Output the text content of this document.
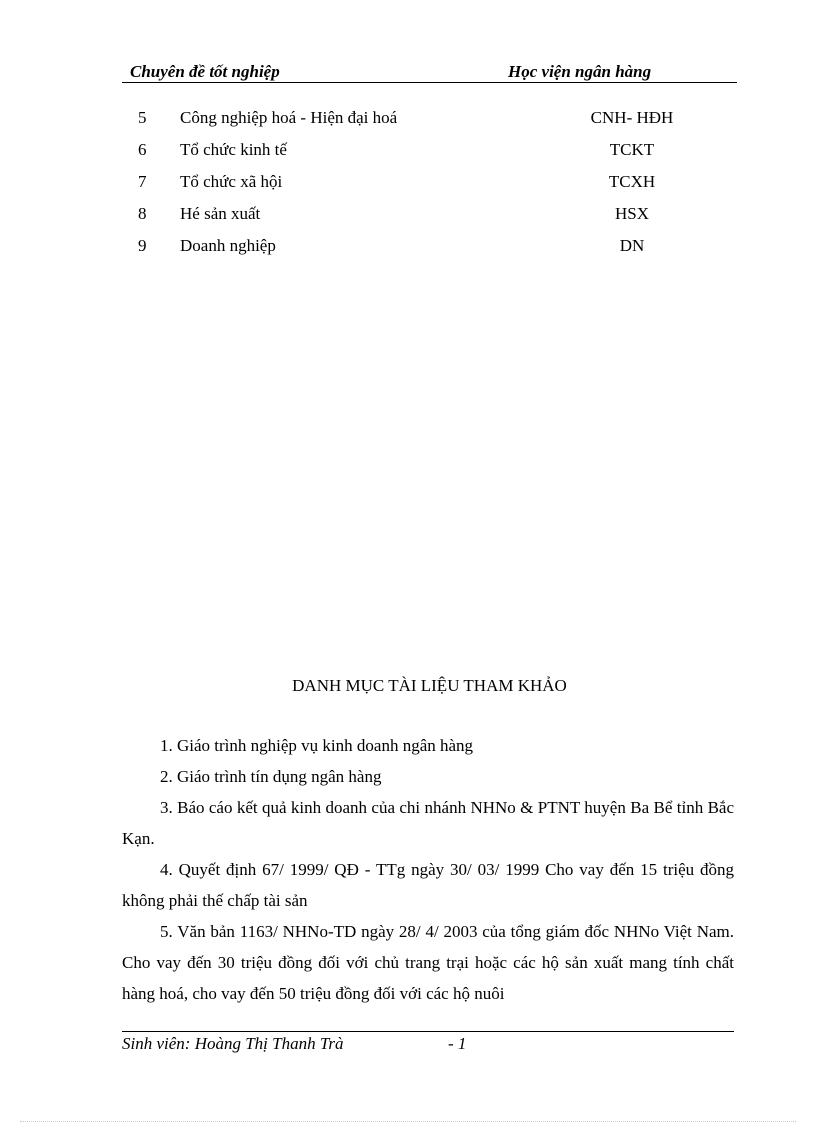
Chuyên đề tốt nghiệp	Học viện ngân hàng
5 Công nghiệp hoá - Hiện đại hoá	CNH- HĐH
6 Tổ chức kinh tế	TCKT
7 Tổ chức xã hội	TCXH
8 Hé sản xuất	HSX
9 Doanh nghiệp	DN
DANH MỤC TÀI LIỆU THAM KHẢO

1. Giáo trình nghiệp vụ kinh doanh ngân hàng

2. Giáo trình tín dụng ngân hàng

3. Báo cáo kết quả kinh doanh của chi nhánh NHNo & PTNT huyện Ba Bể tỉnh Bắc Kạn.

4. Quyết định 67/ 1999/ QĐ - TTg ngày 30/ 03/ 1999 Cho vay đến 15 triệu đồng không phải thế chấp tài sản

5. Văn bản 1163/ NHNo-TD ngày 28/ 4/ 2003 của tổng giám đốc NHNo Việt Nam. Cho vay đến 30 triệu đồng đối với chủ trang trại hoặc các hộ sản xuất mang tính chất hàng hoá, cho vay đến 50 triệu đồng đối với các hộ nuôi

Sinh viên: Hoàng Thị Thanh Trà	- 1
